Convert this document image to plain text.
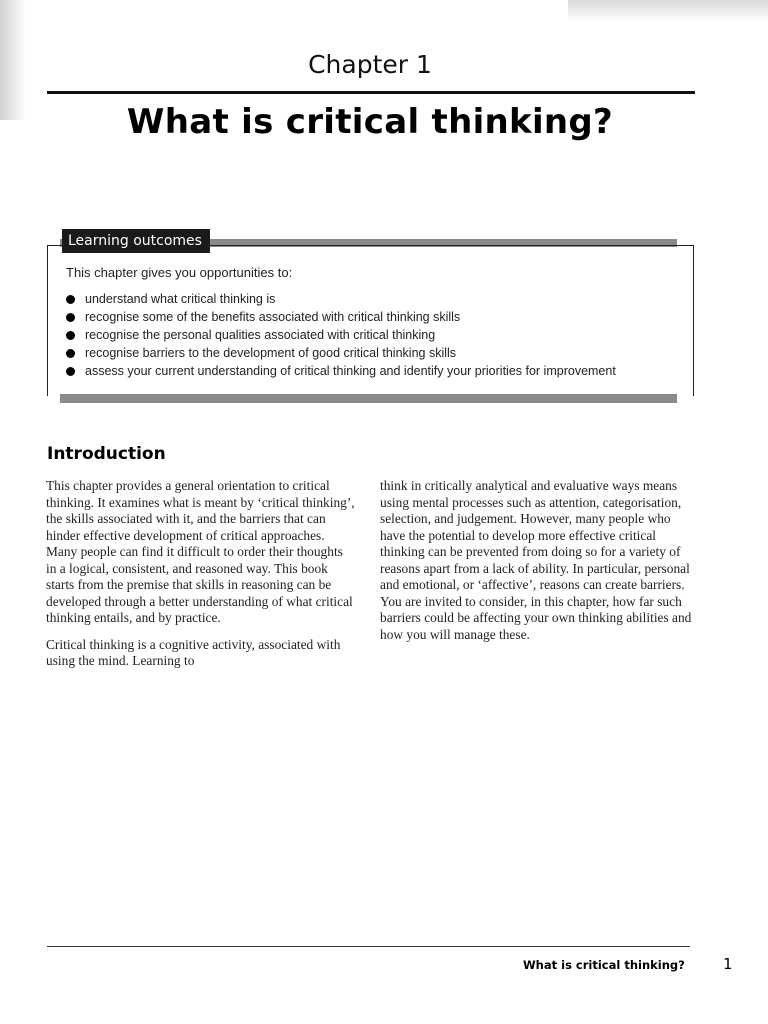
Chapter 1
What is critical thinking?
Learning outcomes
This chapter gives you opportunities to:
understand what critical thinking is
recognise some of the benefits associated with critical thinking skills
recognise the personal qualities associated with critical thinking
recognise barriers to the development of good critical thinking skills
assess your current understanding of critical thinking and identify your priorities for improvement
Introduction

This chapter provides a general orientation to critical thinking. It examines what is meant by ‘critical thinking’, the skills associated with it, and the barriers that can hinder effective development of critical approaches. Many people can find it difficult to order their thoughts in a logical, consistent, and reasoned way. This book starts from the premise that skills in reasoning can be developed through a better understanding of what critical thinking entails, and by practice.

Critical thinking is a cognitive activity, associated with using the mind. Learning to

think in critically analytical and evaluative ways means using mental processes such as attention, categorisation, selection, and judgement. However, many people who have the potential to develop more effective critical thinking can be prevented from doing so for a variety of reasons apart from a lack of ability. In particular, personal and emotional, or ‘affective’, reasons can create barriers. You are invited to consider, in this chapter, how far such barriers could be affecting your own thinking abilities and how you will manage these.

What is critical thinking?	1
